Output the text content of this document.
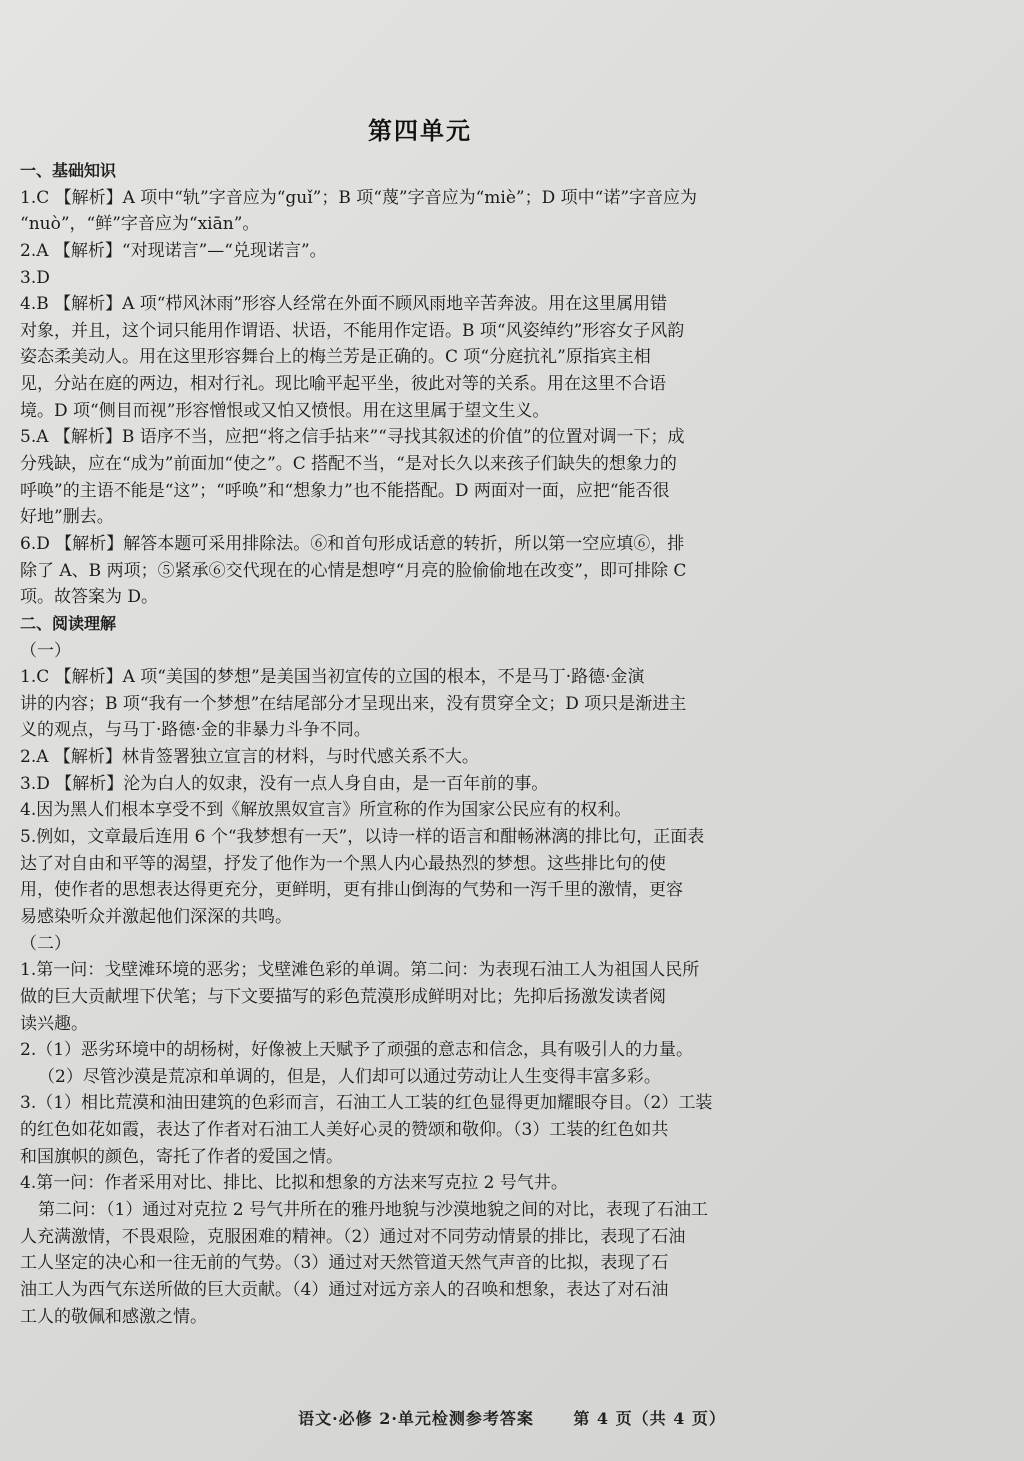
第四单元
一、基础知识
1.C 【解析】A 项中“轨”字音应为“guǐ”；B 项“蔑”字音应为“miè”；D 项中“诺”字音应为
“nuò”，“鲜”字音应为“xiān”。
2.A 【解析】“对现诺言”—“兑现诺言”。
3.D
4.B 【解析】A 项“栉风沐雨”形容人经常在外面不顾风雨地辛苦奔波。用在这里属用错
对象，并且，这个词只能用作谓语、状语，不能用作定语。B 项“风姿绰约”形容女子风韵
姿态柔美动人。用在这里形容舞台上的梅兰芳是正确的。C 项“分庭抗礼”原指宾主相
见，分站在庭的两边，相对行礼。现比喻平起平坐，彼此对等的关系。用在这里不合语
境。D 项“侧目而视”形容憎恨或又怕又愤恨。用在这里属于望文生义。
5.A 【解析】B 语序不当，应把“将之信手拈来”“寻找其叙述的价值”的位置对调一下；成
分残缺，应在“成为”前面加“使之”。C 搭配不当，“是对长久以来孩子们缺失的想象力的
呼唤”的主语不能是“这”；“呼唤”和“想象力”也不能搭配。D 两面对一面，应把“能否很
好地”删去。
6.D 【解析】解答本题可采用排除法。⑥和首句形成话意的转折，所以第一空应填⑥，排
除了 A、B 两项；⑤紧承⑥交代现在的心情是想哼“月亮的脸偷偷地在改变”，即可排除 C
项。故答案为 D。
二、阅读理解
（一）
1.C 【解析】A 项“美国的梦想”是美国当初宣传的立国的根本，不是马丁·路德·金演
讲的内容；B 项“我有一个梦想”在结尾部分才呈现出来，没有贯穿全文；D 项只是渐进主
义的观点，与马丁·路德·金的非暴力斗争不同。
2.A 【解析】林肯签署独立宣言的材料，与时代感关系不大。
3.D 【解析】沦为白人的奴隶，没有一点人身自由，是一百年前的事。
4.因为黑人们根本享受不到《解放黑奴宣言》所宣称的作为国家公民应有的权利。
5.例如，文章最后连用 6 个“我梦想有一天”，以诗一样的语言和酣畅淋漓的排比句，正面表
达了对自由和平等的渴望，抒发了他作为一个黑人内心最热烈的梦想。这些排比句的使
用，使作者的思想表达得更充分，更鲜明，更有排山倒海的气势和一泻千里的激情，更容
易感染听众并激起他们深深的共鸣。
（二）
1.第一问：戈壁滩环境的恶劣；戈壁滩色彩的单调。第二问：为表现石油工人为祖国人民所
做的巨大贡献埋下伏笔；与下文要描写的彩色荒漠形成鲜明对比；先抑后扬激发读者阅
读兴趣。
2.（1）恶劣环境中的胡杨树，好像被上天赋予了顽强的意志和信念，具有吸引人的力量。
（2）尽管沙漠是荒凉和单调的，但是，人们却可以通过劳动让人生变得丰富多彩。
3.（1）相比荒漠和油田建筑的色彩而言，石油工人工装的红色显得更加耀眼夺目。（2）工装
的红色如花如霞，表达了作者对石油工人美好心灵的赞颂和敬仰。（3）工装的红色如共
和国旗帜的颜色，寄托了作者的爱国之情。
4.第一问：作者采用对比、排比、比拟和想象的方法来写克拉 2 号气井。
第二问：（1）通过对克拉 2 号气井所在的雅丹地貌与沙漠地貌之间的对比，表现了石油工
人充满激情，不畏艰险，克服困难的精神。（2）通过对不同劳动情景的排比，表现了石油
工人坚定的决心和一往无前的气势。（3）通过对天然管道天然气声音的比拟，表现了石
油工人为西气东送所做的巨大贡献。（4）通过对远方亲人的召唤和想象，表达了对石油
工人的敬佩和感激之情。
语文·必修 2·单元检测参考答案 第 4 页（共 4 页）
